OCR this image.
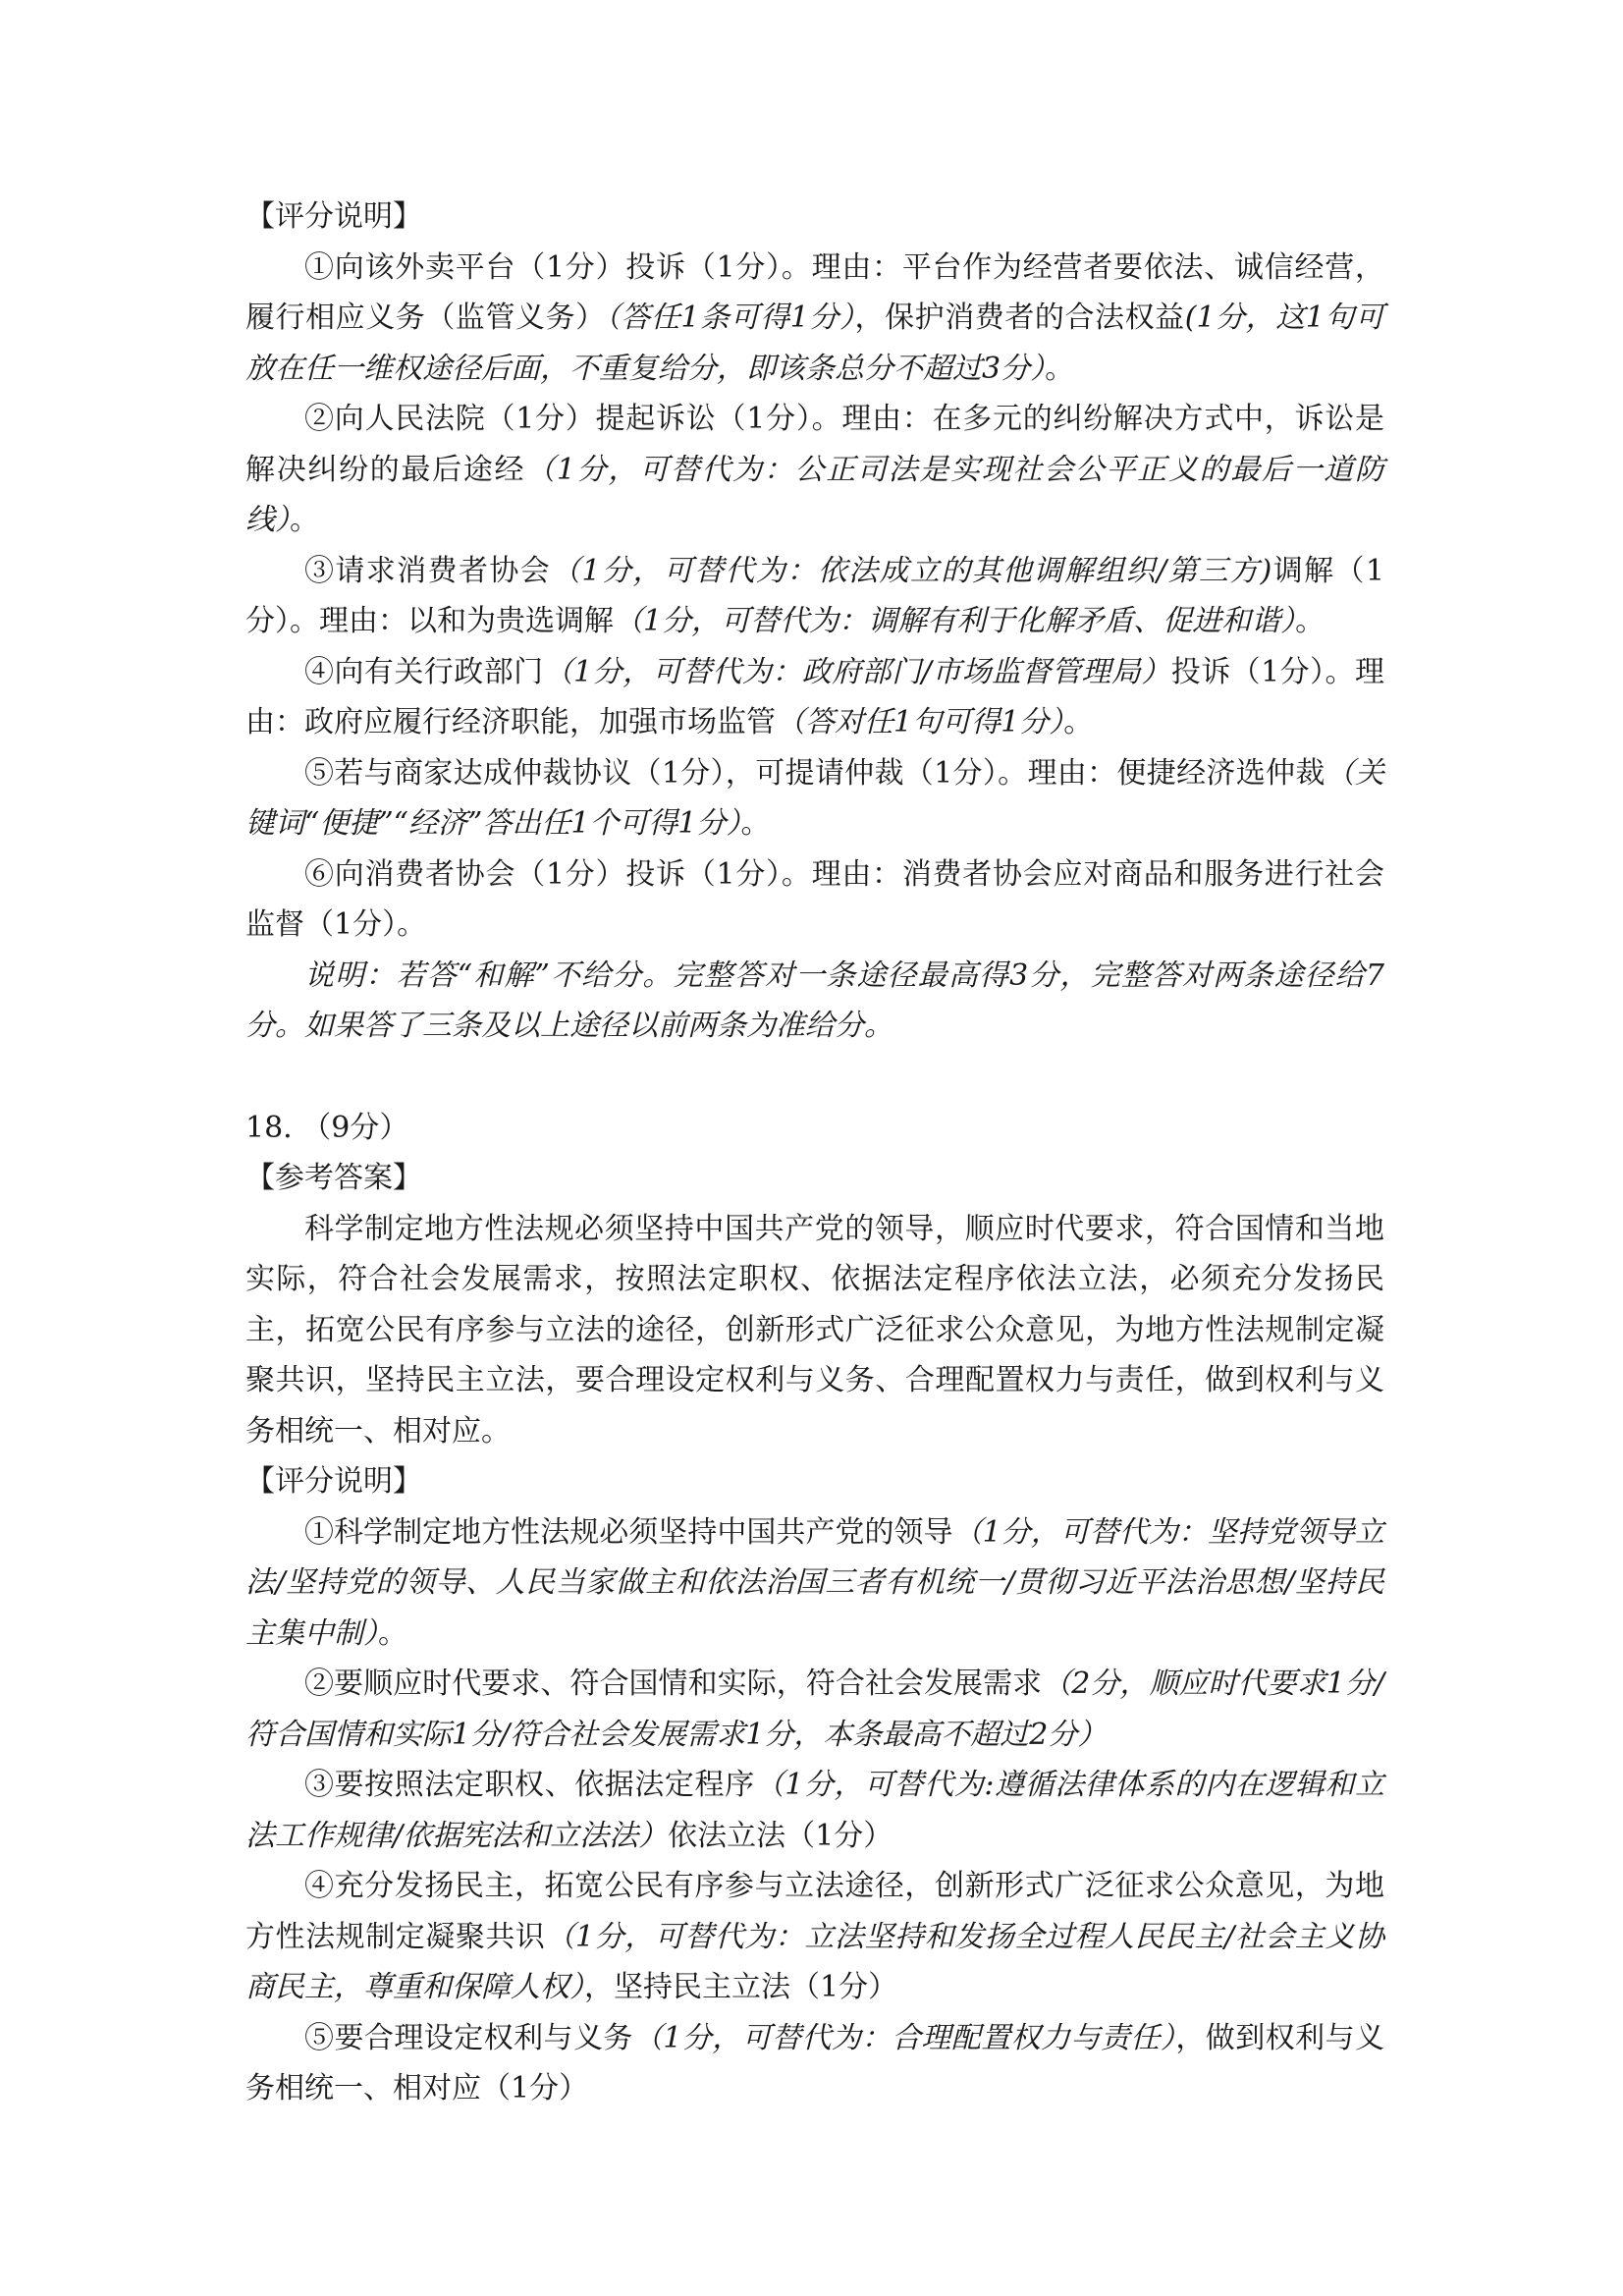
【评分说明】

①向该外卖平台（1分）投诉（1分）。理由：平台作为经营者要依法、诚信经营，履行相应义务（监管义务）（答任1条可得1分），保护消费者的合法权益(1分，这1句可放在任一维权途径后面，不重复给分，即该条总分不超过3分）。

②向人民法院（1分）提起诉讼（1分）。理由：在多元的纠纷解决方式中，诉讼是解决纠纷的最后途经（1分，可替代为：公正司法是实现社会公平正义的最后一道防线）。

③请求消费者协会（1分，可替代为：依法成立的其他调解组织/第三方)调解（1分）。理由：以和为贵选调解（1分，可替代为：调解有利于化解矛盾、促进和谐）。

④向有关行政部门（1分，可替代为：政府部门/市场监督管理局）投诉（1分）。理由：政府应履行经济职能，加强市场监管（答对任1句可得1分）。

⑤若与商家达成仲裁协议（1分），可提请仲裁（1分）。理由：便捷经济选仲裁（关键词“便捷”“经济”答出任1个可得1分）。

⑥向消费者协会（1分）投诉（1分）。理由：消费者协会应对商品和服务进行社会监督（1分）。

说明：若答“和解”不给分。完整答对一条途径最高得3分，完整答对两条途径给7分。如果答了三条及以上途径以前两条为准给分。

18. （9分）

【参考答案】

科学制定地方性法规必须坚持中国共产党的领导，顺应时代要求，符合国情和当地实际，符合社会发展需求，按照法定职权、依据法定程序依法立法，必须充分发扬民主，拓宽公民有序参与立法的途径，创新形式广泛征求公众意见，为地方性法规制定凝聚共识，坚持民主立法，要合理设定权利与义务、合理配置权力与责任，做到权利与义务相统一、相对应。

【评分说明】

①科学制定地方性法规必须坚持中国共产党的领导（1分，可替代为：坚持党领导立法/坚持党的领导、人民当家做主和依法治国三者有机统一/贯彻习近平法治思想/坚持民主集中制）。

②要顺应时代要求、符合国情和实际，符合社会发展需求（2分，顺应时代要求1分/符合国情和实际1分/符合社会发展需求1分，本条最高不超过2分）

③要按照法定职权、依据法定程序（1分，可替代为:遵循法律体系的内在逻辑和立法工作规律/依据宪法和立法法）依法立法（1分）

④充分发扬民主，拓宽公民有序参与立法途径，创新形式广泛征求公众意见，为地方性法规制定凝聚共识（1分，可替代为：立法坚持和发扬全过程人民民主/社会主义协商民主，尊重和保障人权），坚持民主立法（1分）

⑤要合理设定权利与义务（1分，可替代为：合理配置权力与责任），做到权利与义务相统一、相对应（1分）
